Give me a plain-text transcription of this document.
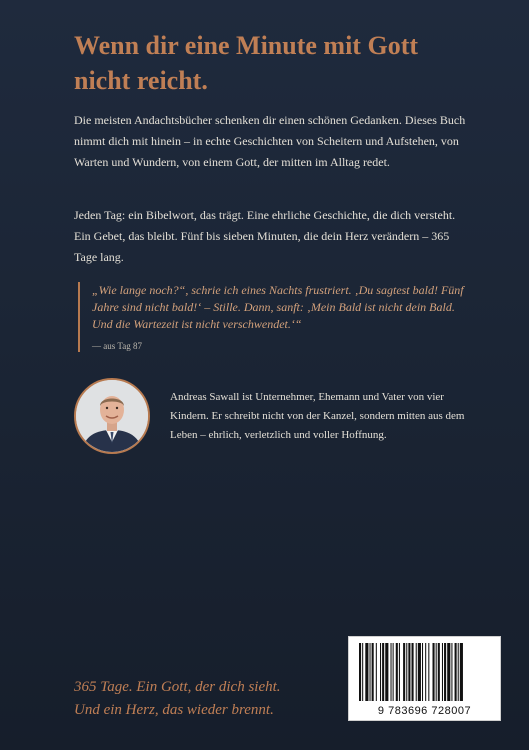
Wenn dir eine Minute mit Gott nicht reicht.

Die meisten Andachtsbücher schenken dir einen schönen Gedanken. Dieses Buch nimmt dich mit hinein – in echte Geschichten von Scheitern und Aufstehen, von Warten und Wundern, von einem Gott, der mitten im Alltag redet.

Jeden Tag: ein Bibelwort, das trägt. Eine ehrliche Geschichte, die dich versteht. Ein Gebet, das bleibt. Fünf bis sieben Minuten, die dein Herz verändern – 365 Tage lang.

„Wie lange noch?“, schrie ich eines Nachts frustriert. ‚Du sagtest bald! Fünf Jahre sind nicht bald!‘ – Stille. Dann, sanft: ‚Mein Bald ist nicht dein Bald. Und die Wartezeit ist nicht verschwendet.‘“

— aus Tag 87

Andreas Sawall ist Unternehmer, Ehemann und Vater von vier Kindern. Er schreibt nicht von der Kanzel, sondern mitten aus dem Leben – ehrlich, verletzlich und voller Hoffnung.

365 Tage. Ein Gott, der dich sieht.

Und ein Herz, das wieder brennt.	9 783696 728007
